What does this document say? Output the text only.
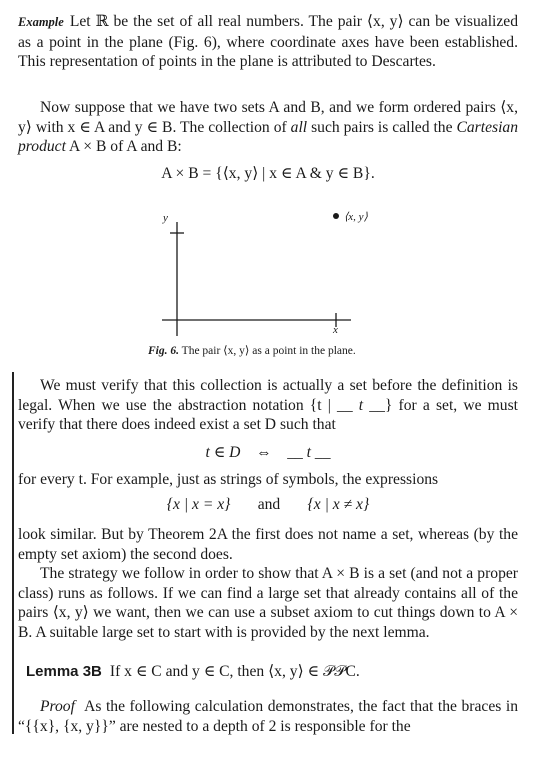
Example Let ℝ be the set of all real numbers. The pair ⟨x, y⟩ can be visualized as a point in the plane (Fig. 6), where coordinate axes have been established. This representation of points in the plane is attributed to Descartes.

Now suppose that we have two sets A and B, and we form ordered pairs ⟨x, y⟩ with x ∈ A and y ∈ B. The collection of all such pairs is called the Cartesian product A × B of A and B:

A × B = {⟨x, y⟩ | x ∈ A & y ∈ B}.
y
x
⟨x, y⟩
Fig. 6. The pair ⟨x, y⟩ as a point in the plane.

We must verify that this collection is actually a set before the definition is legal. When we use the abstraction notation {t | __ t __} for a set, we must verify that there does indeed exist a set D such that

t ∈ D ⇔ __ t __

for every t. For example, just as strings of symbols, the expressions

{x | x = x} and {x | x ≠ x}

look similar. But by Theorem 2A the first does not name a set, whereas (by the empty set axiom) the second does.

The strategy we follow in order to show that A × B is a set (and not a proper class) runs as follows. If we can find a large set that already contains all of the pairs ⟨x, y⟩ we want, then we can use a subset axiom to cut things down to A × B. A suitable large set to start with is provided by the next lemma.

Lemma 3B If x ∈ C and y ∈ C, then ⟨x, y⟩ ∈ 𝒫𝒫C.

Proof As the following calculation demonstrates, the fact that the braces in “{{x}, {x, y}}” are nested to a depth of 2 is responsible for the
